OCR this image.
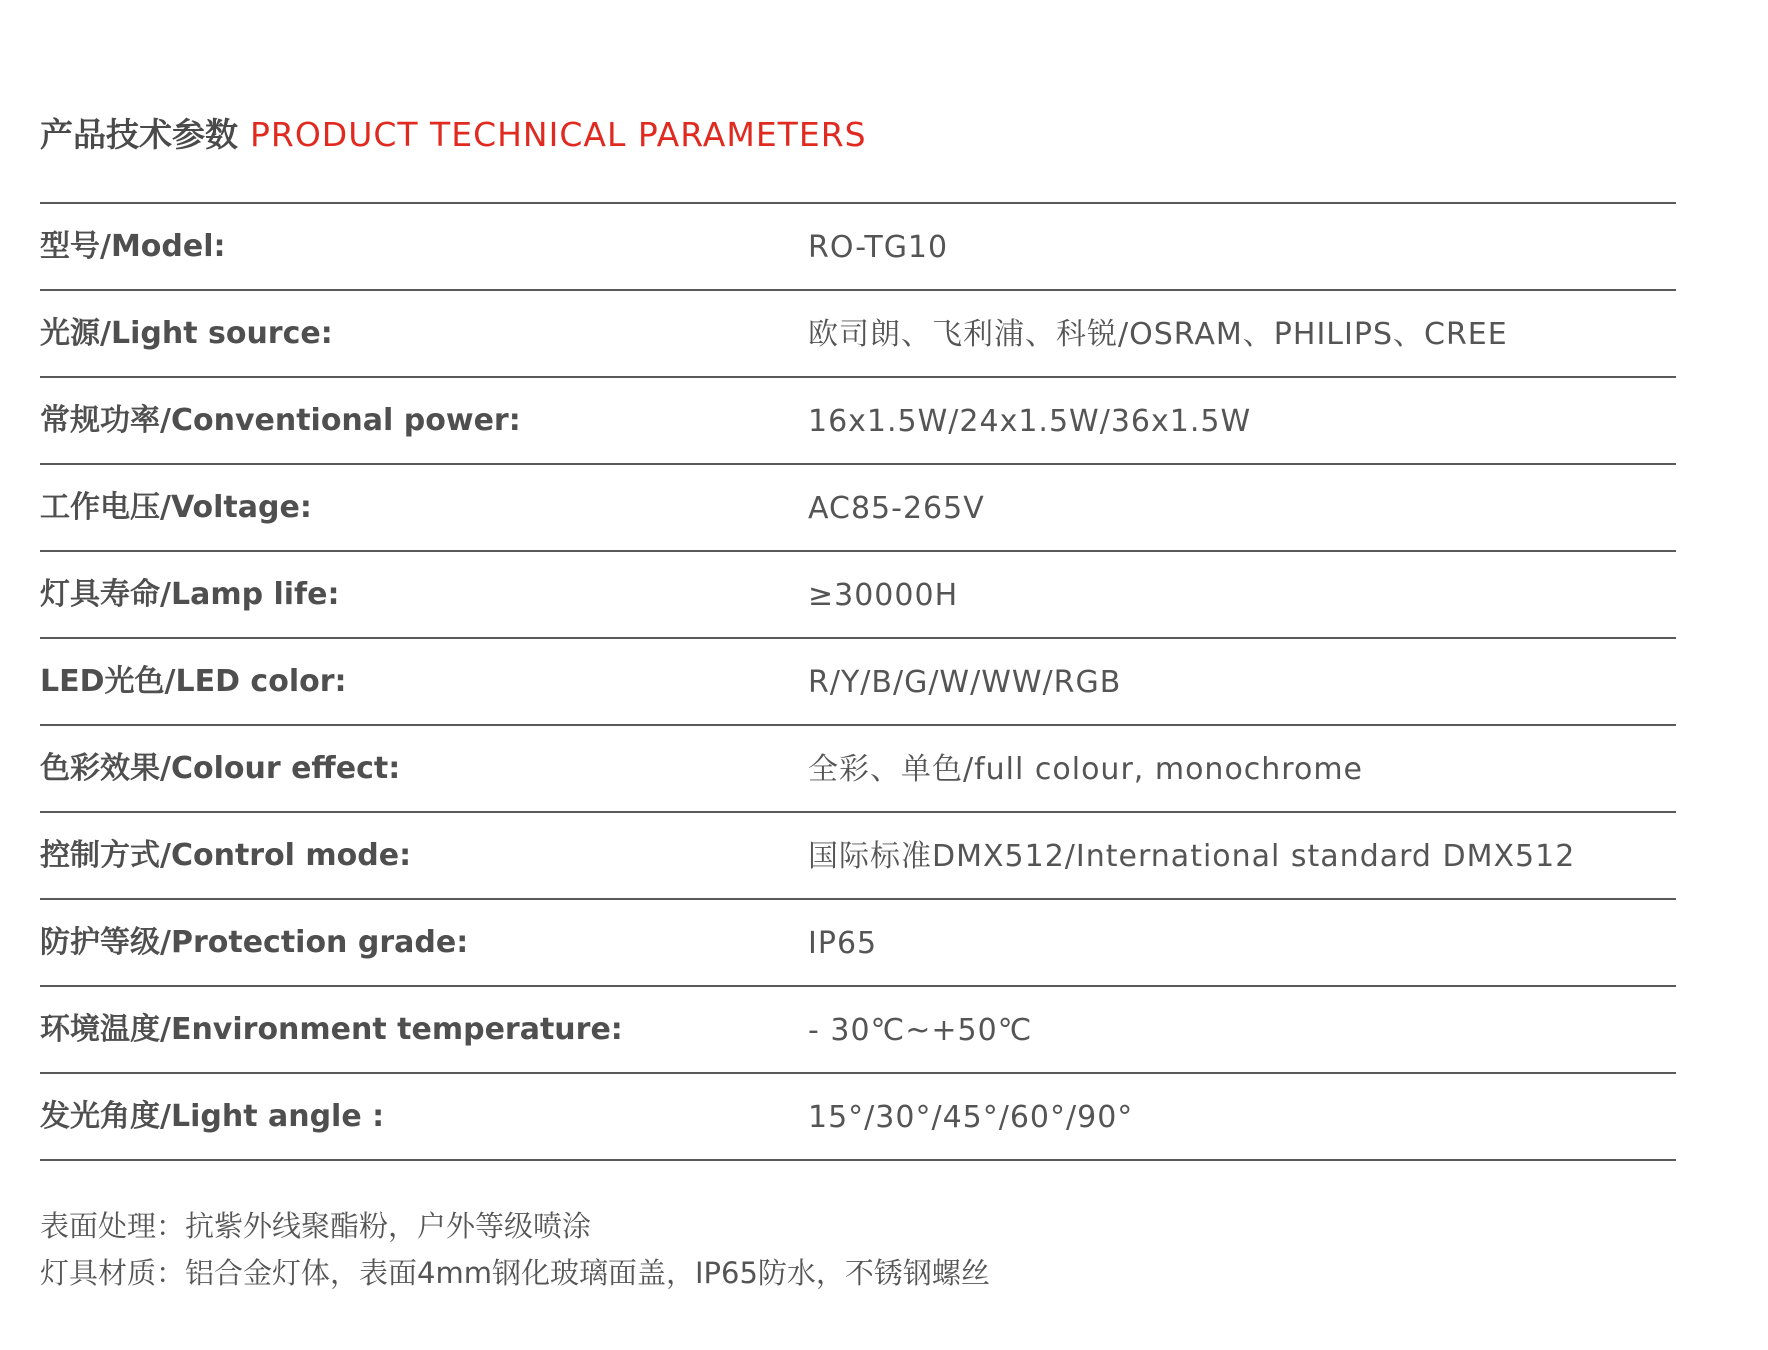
产品技术参数 PRODUCT TECHNICAL PARAMETERS
型号/Model:	RO-TG10
光源/Light source:	欧司朗、飞利浦、科锐/OSRAM、PHILIPS、CREE
常规功率/Conventional power:	16x1.5W/24x1.5W/36x1.5W
工作电压/Voltage:	AC85-265V
灯具寿命/Lamp life:	≥30000H
LED光色/LED color:	R/Y/B/G/W/WW/RGB
色彩效果/Colour effect:	全彩、单色/full colour, monochrome
控制方式/Control mode:	国际标准DMX512/International standard DMX512
防护等级/Protection grade:	IP65
环境温度/Environment temperature:	- 30℃~+50℃
发光角度/Light angle :	15°/30°/45°/60°/90°
表面处理：抗紫外线聚酯粉，户外等级喷涂
灯具材质：铝合金灯体，表面4mm钢化玻璃面盖，IP65防水，不锈钢螺丝
